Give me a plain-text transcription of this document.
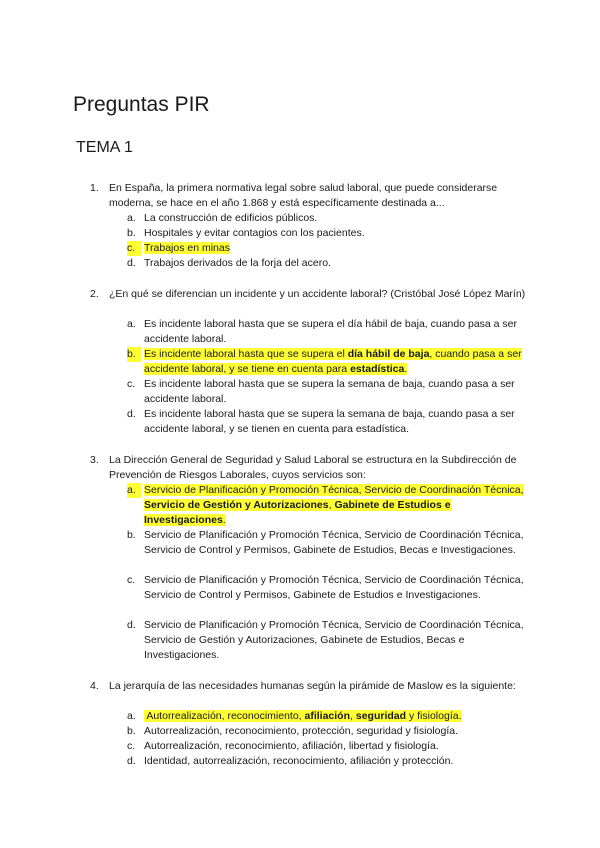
Preguntas PIR
TEMA 1
1. En España, la primera normativa legal sobre salud laboral, que puede considerarse moderna, se hace en el año 1.868 y está específicamente destinada a...

a. La construcción de edificios públicos.
b. Hospitales y evitar contagios con los pacientes.
c. Trabajos en minas
d. Trabajos derivados de la forja del acero.
2. ¿En qué se diferencian un incidente y un accidente laboral? (Cristóbal José López Marín)

a. Es incidente laboral hasta que se supera el día hábil de baja, cuando pasa a ser accidente laboral.
b. Es incidente laboral hasta que se supera el día hábil de baja, cuando pasa a ser accidente laboral, y se tiene en cuenta para estadística.
c. Es incidente laboral hasta que se supera la semana de baja, cuando pasa a ser accidente laboral.
d. Es incidente laboral hasta que se supera la semana de baja, cuando pasa a ser accidente laboral, y se tienen en cuenta para estadística.
3. La Dirección General de Seguridad y Salud Laboral se estructura en la Subdirección de Prevención de Riesgos Laborales, cuyos servicios son:

a. Servicio de Planificación y Promoción Técnica, Servicio de Coordinación Técnica, Servicio de Gestión y Autorizaciones, Gabinete de Estudios e Investigaciones.
b. Servicio de Planificación y Promoción Técnica, Servicio de Coordinación Técnica, Servicio de Control y Permisos, Gabinete de Estudios, Becas e Investigaciones.
c. Servicio de Planificación y Promoción Técnica, Servicio de Coordinación Técnica, Servicio de Control y Permisos, Gabinete de Estudios e Investigaciones.
d. Servicio de Planificación y Promoción Técnica, Servicio de Coordinación Técnica, Servicio de Gestión y Autorizaciones, Gabinete de Estudios, Becas e Investigaciones.
4. La jerarquía de las necesidades humanas según la pirámide de Maslow es la siguiente:

a. Autorrealización, reconocimiento, afiliación, seguridad y fisiología.
b. Autorrealización, reconocimiento, protección, seguridad y fisiología.
c. Autorrealización, reconocimiento, afiliación, libertad y fisiología.
d. Identidad, autorrealización, reconocimiento, afiliación y protección.
